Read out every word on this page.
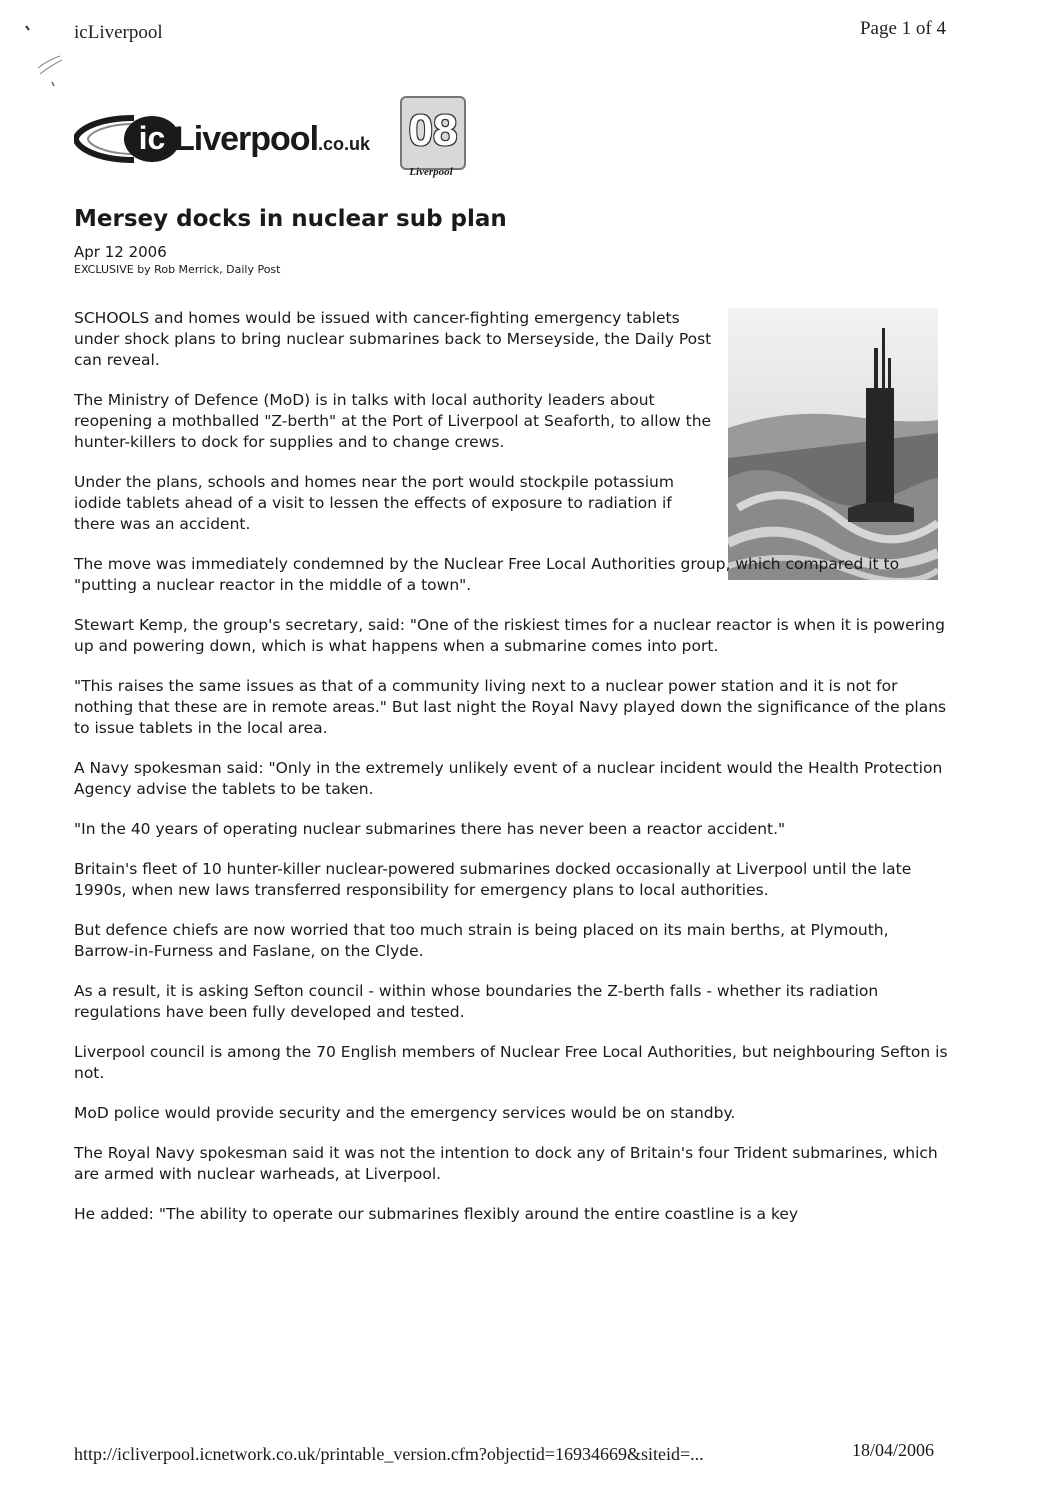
icLiverpool	Page 1 of 4
ic Liverpool.co.uk 08
Liverpool
Mersey docks in nuclear sub plan
Apr 12 2006
EXCLUSIVE by Rob Merrick, Daily Post

SCHOOLS and homes would be issued with cancer-fighting emergency tablets under shock plans to bring nuclear submarines back to Merseyside, the Daily Post can reveal.

The Ministry of Defence (MoD) is in talks with local authority leaders about reopening a mothballed "Z-berth" at the Port of Liverpool at Seaforth, to allow the hunter-killers to dock for supplies and to change crews.

Under the plans, schools and homes near the port would stockpile potassium iodide tablets ahead of a visit to lessen the effects of exposure to radiation if there was an accident.

The move was immediately condemned by the Nuclear Free Local Authorities group, which compared it to "putting a nuclear reactor in the middle of a town".

Stewart Kemp, the group's secretary, said: "One of the riskiest times for a nuclear reactor is when it is powering up and powering down, which is what happens when a submarine comes into port.

"This raises the same issues as that of a community living next to a nuclear power station and it is not for nothing that these are in remote areas." But last night the Royal Navy played down the significance of the plans to issue tablets in the local area.

A Navy spokesman said: "Only in the extremely unlikely event of a nuclear incident would the Health Protection Agency advise the tablets to be taken.

"In the 40 years of operating nuclear submarines there has never been a reactor accident."

Britain's fleet of 10 hunter-killer nuclear-powered submarines docked occasionally at Liverpool until the late 1990s, when new laws transferred responsibility for emergency plans to local authorities.

But defence chiefs are now worried that too much strain is being placed on its main berths, at Plymouth, Barrow-in-Furness and Faslane, on the Clyde.

As a result, it is asking Sefton council - within whose boundaries the Z-berth falls - whether its radiation regulations have been fully developed and tested.

Liverpool council is among the 70 English members of Nuclear Free Local Authorities, but neighbouring Sefton is not.

MoD police would provide security and the emergency services would be on standby.

The Royal Navy spokesman said it was not the intention to dock any of Britain's four Trident submarines, which are armed with nuclear warheads, at Liverpool.

He added: "The ability to operate our submarines flexibly around the entire coastline is a key

http://icliverpool.icnetwork.co.uk/printable_version.cfm?objectid=16934669&siteid=...	18/04/2006
